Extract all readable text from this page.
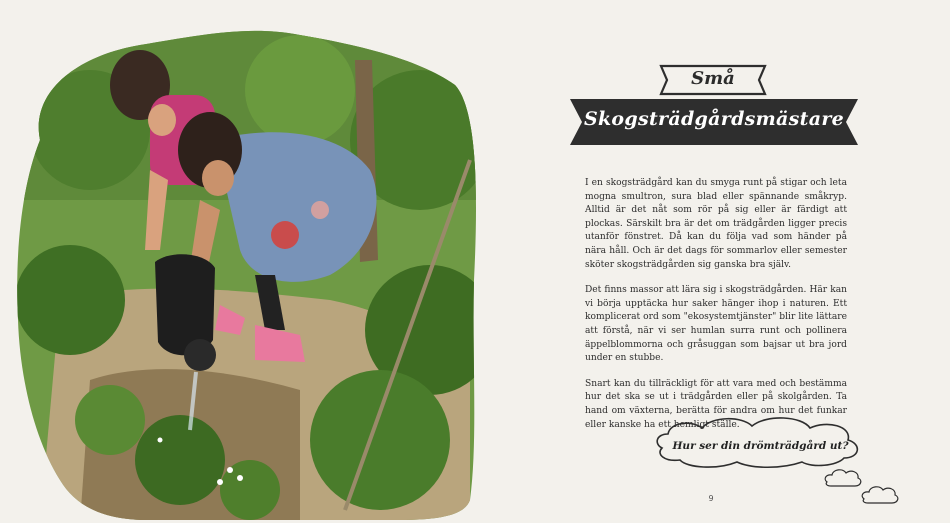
Små
Skogsträdgårdsmästare

I en skogsträdgård kan du smyga runt på stigar och leta mogna smultron, sura blad eller spännande småkryp. Alltid är det nåt som rör på sig eller är färdigt att plockas. Särskilt bra är det om trädgården ligger precis utanför fönstret. Då kan du följa vad som händer på nära håll. Och är det dags för sommarlov eller semester sköter skogsträdgården sig ganska bra själv.

Det finns massor att lära sig i skogsträdgården. Här kan vi börja upptäcka hur saker hänger ihop i naturen. Ett komplicerat ord som "ekosystemtjänster" blir lite lättare att förstå, när vi ser humlan surra runt och pollinera äppelblommorna och gråsuggan som bajsar ut bra jord under en stubbe.

Snart kan du tillräckligt för att vara med och bestämma hur det ska se ut i trädgården eller på skolgården. Ta hand om växterna, berätta för andra om hur det funkar eller kanske ha ett hemligt ställe.

Hur ser din drömträdgård ut?
9
